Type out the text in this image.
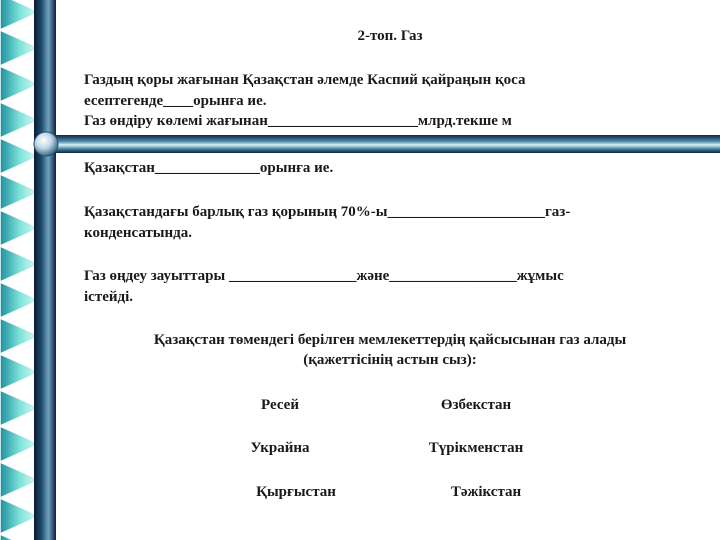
2-топ. Газ
Газдың қоры жағынан Қазақстан әлемде Каспий қайраңын қоса
есептегенде____орынға ие.
Газ өндіру көлемі жағынан____________________млрд.текше м
Қазақстан______________орынға ие.
Қазақстандағы барлық газ қорының 70%-ы_____________________газ-
конденсатында.
Газ өңдеу зауыттары _________________және_________________жұмыс
істейді.
Қазақстан төмендегі берілген мемлекеттердің қайсысынан газ алады
(қажеттісінің астын сыз):
Ресей	Өзбекстан
Украйна	Түрікменстан
Қырғыстан	Тәжікстан
